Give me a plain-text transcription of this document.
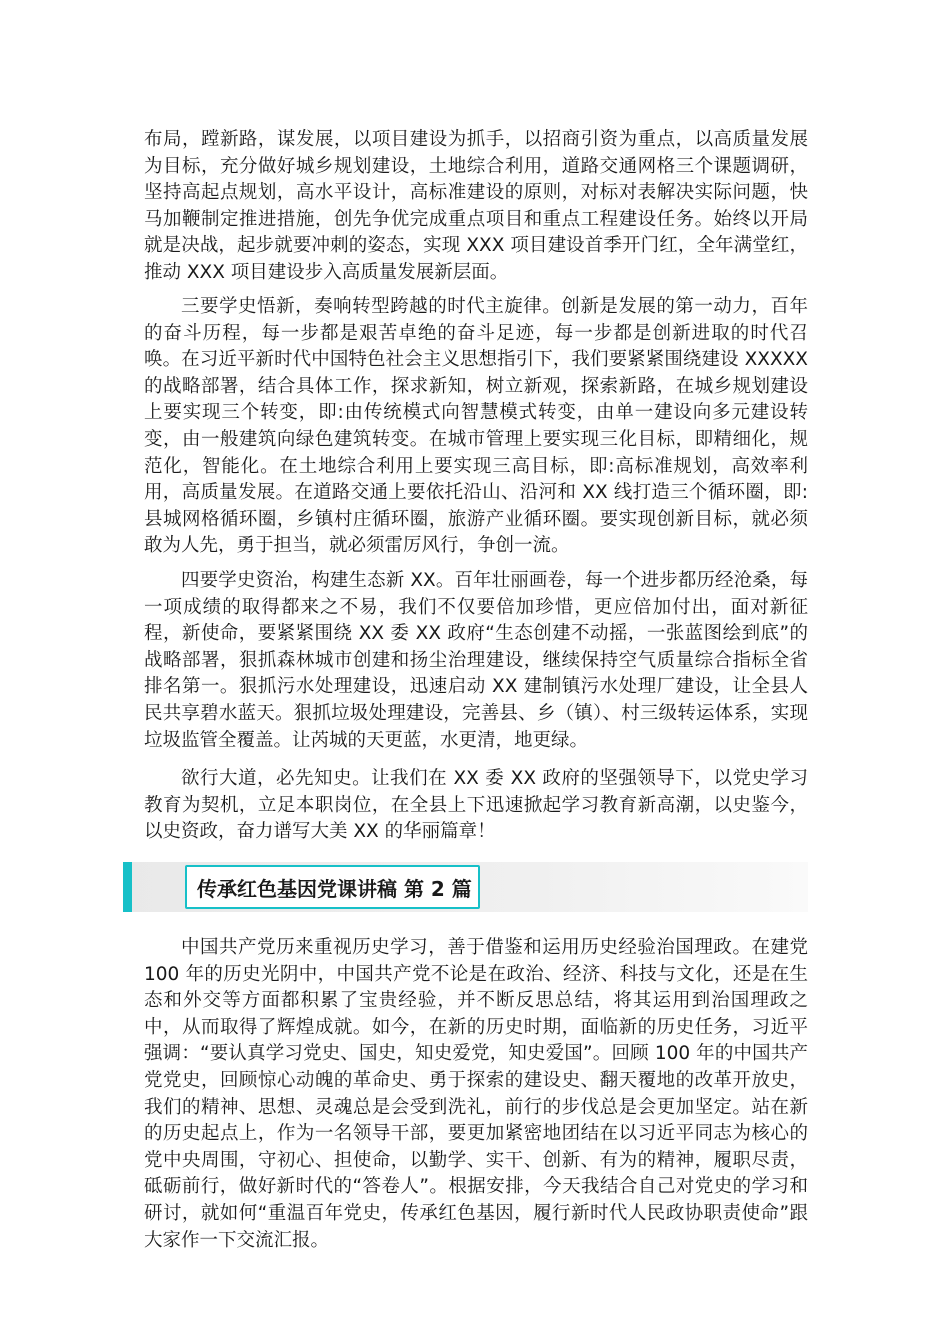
布局，蹚新路，谋发展，以项目建设为抓手，以招商引资为重点，以高质量发展为目标，充分做好城乡规划建设，土地综合利用，道路交通网格三个课题调研，坚持高起点规划，高水平设计，高标准建设的原则，对标对表解决实际问题，快马加鞭制定推进措施，创先争优完成重点项目和重点工程建设任务。始终以开局就是决战，起步就要冲刺的姿态，实现 XXX 项目建设首季开门红，全年满堂红，推动 XXX 项目建设步入高质量发展新层面。

三要学史悟新，奏响转型跨越的时代主旋律。创新是发展的第一动力，百年的奋斗历程，每一步都是艰苦卓绝的奋斗足迹，每一步都是创新进取的时代召唤。在习近平新时代中国特色社会主义思想指引下，我们要紧紧围绕建设 XXXXX 的战略部署，结合具体工作，探求新知，树立新观，探索新路，在城乡规划建设上要实现三个转变，即:由传统模式向智慧模式转变，由单一建设向多元建设转变，由一般建筑向绿色建筑转变。在城市管理上要实现三化目标，即精细化，规范化，智能化。在土地综合利用上要实现三高目标，即:高标准规划，高效率利用，高质量发展。在道路交通上要依托沿山、沿河和 XX 线打造三个循环圈，即:县城网格循环圈，乡镇村庄循环圈，旅游产业循环圈。要实现创新目标，就必须敢为人先，勇于担当，就必须雷厉风行，争创一流。

四要学史资治，构建生态新 XX。百年壮丽画卷，每一个进步都历经沧桑，每一项成绩的取得都来之不易，我们不仅要倍加珍惜，更应倍加付出，面对新征程，新使命，要紧紧围绕 XX 委 XX 政府“生态创建不动摇，一张蓝图绘到底”的战略部署，狠抓森林城市创建和扬尘治理建设，继续保持空气质量综合指标全省排名第一。狠抓污水处理建设，迅速启动 XX 建制镇污水处理厂建设，让全县人民共享碧水蓝天。狠抓垃圾处理建设，完善县、乡（镇）、村三级转运体系，实现垃圾监管全覆盖。让芮城的天更蓝，水更清，地更绿。

欲行大道，必先知史。让我们在 XX 委 XX 政府的坚强领导下，以党史学习教育为契机，立足本职岗位，在全县上下迅速掀起学习教育新高潮，以史鉴今，以史资政，奋力谱写大美 XX 的华丽篇章！

传承红色基因党课讲稿 第 2 篇

中国共产党历来重视历史学习，善于借鉴和运用历史经验治国理政。在建党 100 年的历史光阴中，中国共产党不论是在政治、经济、科技与文化，还是在生态和外交等方面都积累了宝贵经验，并不断反思总结，将其运用到治国理政之中，从而取得了辉煌成就。如今，在新的历史时期，面临新的历史任务，习近平强调：“要认真学习党史、国史，知史爱党，知史爱国”。回顾 100 年的中国共产党党史，回顾惊心动魄的革命史、勇于探索的建设史、翻天覆地的改革开放史，我们的精神、思想、灵魂总是会受到洗礼，前行的步伐总是会更加坚定。站在新的历史起点上，作为一名领导干部，要更加紧密地团结在以习近平同志为核心的党中央周围，守初心、担使命，以勤学、实干、创新、有为的精神，履职尽责，砥砺前行，做好新时代的“答卷人”。根据安排，今天我结合自己对党史的学习和研讨，就如何“重温百年党史，传承红色基因，履行新时代人民政协职责使命”跟大家作一下交流汇报。
